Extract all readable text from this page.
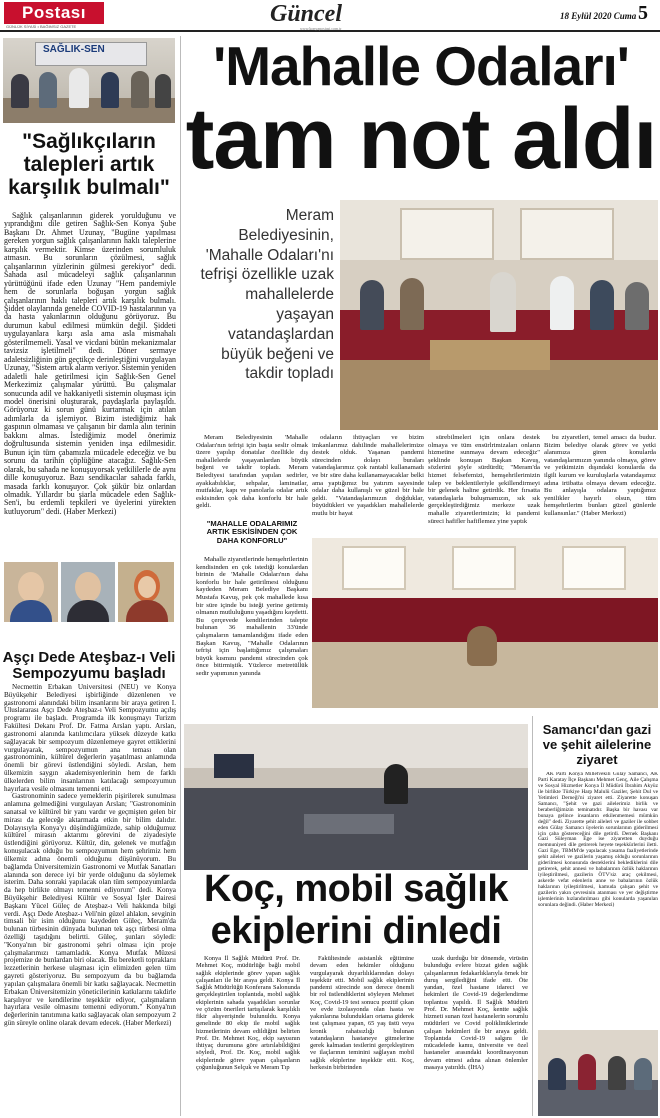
Postası
GÜNLÜK SİYASİ • BAĞIMSIZ GAZETE	Güncel
www.konyapostasi.com.tr
18 Eylül 2020 Cuma 5
SAĞLIK-SEN
"Sağlıkçıların talepleri artık karşılık bulmalı"

Sağlık çalışanlarının giderek yorulduğunu ve yıprandığını dile getiren Sağlık-Sen Konya Şube Başkanı Dr. Ahmet Uzunay, "Bugüne yapılması gereken yorgun sağlık çalışanlarının haklı taleplerine karşılık vermektir. Kimse üzerinden sorumluluk atmasın. Bu sorunların çözülmesi, sağlık çalışanlarının yüzlerinin gülmesi gerekiyor" dedi. Sahada asıl mücadeleyi sağlık çalışanlarının yürüttüğünü ifade eden Uzunay "Hem pandemiyle hem de sorunlarla boğuşan yorgun sağlık çalışanlarının haklı talepleri artık karşılık bulmalı. Şiddet olaylarında genelde COVID-19 hastalarının ya da hasta yakınlarının olduğunu görüyoruz. Bu durumun kabul edilmesi mümkün değil. Şiddeti uygulayanlara karşı asla ama asla mismahalı gösterilmemeli. Yasal ve vicdani bütün mekanizmalar tavizsiz işletilmeli" dedi. Döner sermaye adaletsizliğinin gün geçtikçe derinleştiğini vurgulayan Uzunay, "Sistem artık alarm veriyor. Sistemin yeniden adaletli hale getirilmesi için Sağlık-Sen Genel Merkezimiz çalışmalar yürüttü. Bu çalışmalar sonucunda adil ve hakkaniyetli sistemin oluşması için model önerisini oluşturarak, paydaşlarla paylaşıldı. Görüyoruz ki sorun günü kurtarmak için atılan adımlarla da işlemiyor. Bizim istediğimiz hak gaspının olmaması ve çalışanın bir damla alın terinin bakkını almas. İstediğimiz model önerimiz doğrultusunda sistemin yeniden inşa edilmesidir. Bunun için tüm çabamızla mücadele edeceğiz ve bu sorunu da tarihin çöplüğüne atacağız. Sağlık-Sen olarak, bu sahada ne konuşuyorsak yetkililerle de aynı dille konuşuyoruz. Bazı sendikacılar sahada farklı, masada farklı konuşuyor. Çok şükür biz onlardan olmadık. Yıllardır bu şiarla mücadele eden Sağlık-Sen'i, bu erdemli tepkileri ve üyelerini yürekten kutluyorum" dedi. (Haber Merkezi)

Aşçı Dede Ateşbaz-ı Veli Sempozyumu başladı

Necmettin Erbakan Üniversitesi (NEÜ) ve Konya Büyükşehir Belediyesi işbirliğinde düzenlenen ve gastronomi alanındaki bilim insanlarını bir araya getiren I. Uluslararası Aşçı Dede Ateşbaz-ı Veli Sempozyumu açılış programı ile başladı. Programda ilk konuşmayı Turizm Fakültesi Dekanı Prof. Dr. Fatma Arslan yaptı. Arslan, gastronomi alanında katılımcılara yüksek düzeyde katkı sağlayacak bir sempozyum düzenlemeye gayret ettiklerini vurgulayarak, sempozyumun ana teması olan gastronominin, kültürel değerlerin yaşatılması anlamında önemli bir görevi üstlendiğini söyledi. Arslan, hem ülkemizin saygın akademisyenlerinin hem de farklı ülkelerden bilim insanlarının katılacağı sempozyumun hayırlara vesile olmasını temenni etti.

Gastronominin sadece yemeklerin pişirilerek sunulması anlamına gelmediğini vurgulayan Arslan; "Gastronominin sanatsal ve kültürel bir yanı vardır ve geçmişten gelen bir mirası da geleceğe aktarmada etkin bir bilim dalıdır. Dolayısıyla Konya'yı düşündüğümüzde, sahip olduğumuz kültürel mirasın aktarımı görevini de ziyadesiyle üstlendiğini görüyoruz. Kültür, din, gelenek ve mutfağın konuşulacak olduğu bu sempozyumun hem şehrimiz hem ülkemiz adına önemli olduğunu düşünüyorum. Bu bağlamda Üniversitemizin Gastronomi ve Mutfak Sanatları alanında son derece iyi bir yerde olduğunu da söylemek isterim. Daha sonraki yapılacak olan tüm sempozyumlarda da hep birlikte olmayı temenni ediyorum" dedi. Konya Büyükşehir Belediyesi Kültür ve Sosyal İşler Dairesi Başkanı Yücel Güleç de Ateşbaz-ı Veli hakkında bilgi verdi. Aşçı Dede Ateşbaz-ı Veli'nin güzel ahlakın, sevginin timsali bir isim olduğunu kaydeden Güleç, Meram'da bulunan türbesinin dünyada bulunan tek aşçı türbesi olma özelliği taşıdığını belirtti. Güleç, şunları söyledi: "Konya'nın bir gastronomi şehri olması için proje çalışmalarımızı tamamladık. Konya Mutfak Müzesi projemize de bunlardan biri olacak. Bu bereketli topraklarıı lezzetlerinin herkese ulaşması için elimizden gelen tüm gayreti gösteriyoruz. Bu sempozyum da bu bağlamda yapılan çalışmalara önemli bir katkı sağlayacak. Necmettin Erbakan Üniversitemizin yöneticilerinin katkılarını takdirle karşılıyor ve kendilerine teşekkür ediyor, çalışmaların hayırlara vesile olmasını temenni ediyorum." Konya'nın değerlerinin tanıtımına katkı sağlayacak olan sempozyum 2 gün süreyle online olarak devam edecek. (Haber Merkezi)

'Mahalle Odaları'
tam not aldı
Meram Belediyesinin, 'Mahalle Odaları'nı tefrişi özellikle uzak mahallelerde yaşayan vatandaşlardan büyük beğeni ve takdir topladı

Meram Belediyesinin 'Mahalle Odaları'nın tefrişi için başta seslir olmak üzere yapılıp donatılar özellikle dış mahallelerde yaşayanlardan büyük beğeni ve takdir topladı. Meram Belediyesi tarafından yapılan sedirler, ayakkabılıklar, sehpalar, laminatlar, mutfaklar, kapı ve panolarla odalar artık eskisinden çok daha konforlu bir hale geldi.

"MAHALLE ODALARIMIZ ARTIK ESKİSİNDEN ÇOK DAHA KONFORLU"

Mahalle ziyaretlerinde hemşehrilerinin kendisinden en çok istediği konulardan birinin de 'Mahalle Odaları'nın daha konforlu bir hale getirilmesi olduğunu kaydeden Meram Belediye Başkanı Mustafa Kavuş, pek çok mahallede kısa bir süre içinde bu isteği yerine getirmiş olmanın mutluluğunu yaşadığını kaydetti. Bu çerçevede kendilerinden talepte bulunan 36 mahallenin 33'ünde çalışmaların tamamlandığını ifade eden Başkan Kavuş, "Mahalle Odalarının tefrişi için başlattığımız çalışmaları büyük kısmını pandemi sürecinden çok önce bitirmiştik. Yüzlerce metretüllük sedir yapımının yanında

odaların ihtiyaçları ve bizim imkanlarımız dahilinde mahallelerimize destek olduk. Yaşanan pandemi sürecinden dolayı buraları vatandaşlarımız çok rantabl kullanamadı ve bir süre daha kullanamayacaklar belki ama yaptığımız bu yatırım sayesinde odalar daha kullanışlı ve güzel bir hale geldi. "Vatandaşlarımızın doğduklar, büyüdükleri ve yaşadıkları mahallelerde mutlu bir hayat

sürebilmeleri için onlara destek olmaya ve tüm ensürlrimizaları onların hizmetine sunmaya devam edeceğiz" şeklinde konuşan Başkan Kavuş, sözlerini şöyle sürdürdü; "Meram'da hizmet felsefemizi, hemşehrilerimizin talep ve beklentileriyle şekillendirmeyi bir gelenek haline getirdik. Her fırsatta vatandaşlarla buluşmamızın, sık sık gerçekleştirdiğimiz merkeze uzak mahalle ziyaretlerimizin; ki pandemi süreci hafifler hafiflemez yine yaptık

bu ziyaretleri, temel amacı da budur. Bizim belediye olarak görev ve yetki alanımıza giren konularda vatandaşlarımızın yanında olmaya, görev ve yetkimizin dışındaki konularda da ilgili kurum ve kuruluşlarla vatandaşımız adına irtibatta olmaya devam edeceğiz. Bu anlayışla odalara yaptığımız yenilikler hayırlı olsun, tüm hemşehrilerim bunları güzel günlerde kullansınlar." (Haber Merkezi)

Koç, mobil sağlık ekiplerini dinledi

Konya İl Sağlık Müdürü Prof. Dr. Mehmet Koç, müdürlüğe bağlı mobil sağlık ekiplerinde görev yapan sağlık çalışanları ile bir araya geldi. Konya İl Sağlık Müdürlüğü Konferans Salonunda gerçekleştirilen toplantıda, mobil sağlık ekiplerinin sahada yaşadıkları sorunlar ve çözüm önerileri tartışılarak karşılıklı fikir alışverişinde bulunuldu. Konya genelinde 80 ekip ile mobil sağlık hizmetlerinin devam edildiğini belirten Prof. Dr. Mehmet Koç, ekip sayısının ihtiyaç durumuna göre artırılabildiğini söyledi, Prof. Dr. Koç, mobil sağlık ekiplerinde görev yapan çalışanların çoğunluğunun Selçuk ve Meram Tıp

Fakültesinde asistanlık eğitimine devam eden hekimler olduğunu vurgulayarak duyarlılıklarından dolayı teşekkür etti. Mobil sağlık ekiplerinin pandemi sürecinde son derece önemli bir rol üstlendiklerini söyleyen Mehmet Koç, Covid-19 test sonucu pozitif çıkan ve evde izolasyonda olan hasta ve yakınlarına bulundukları ortama giderek test çalışması yapan, 65 yaş üstü veya kronik rahatsızlığı bulunan vatandaşların hastaneye gitmelerine gerek kalmadan testlerini gerçekleştiren ve ilaçlarının teminini sağlayan mobil sağlık ekiplerine teşekkür etti. Koç, herkesin birbirinden

uzak durduğu bir dönemde, virüsün bulunduğu evlere bizzat giden sağlık çalışanlarının fedakarlıklarıyla örnek bir duruş sergilediğini ifade etti. Öte yandan, özel hastane idareci ve hekimleri ile Covid-19 değerlendirme toplantısı yapıldı. İl Sağlık Müdürü Prof. Dr. Mehmet Koç, kentte sağlık hizmeti sunan özel hastanelerin sorumlu müdürleri ve Covid polikliniklerinde çalışan hekimleri ile bir araya geldi. Toplantıda Covid-19 salgını ile mücadelede kamu, üniversite ve özel hastaneler arasındaki koordinasyonun devam etmesi adına alınan önlemler masaya yatırıldı. (İHA)

Samancı'dan gazi ve şehit ailelerine ziyaret

AK Parti Konya Milletvekili Gülay Samancı, AK Parti Karatay İlçe Başkanı Mehmet Genç, Aile Çalışma ve Sosyal Hizmetler Konya İl Müdürü İbrahim Akyüz ile birlikte Türkiye Harp Malulü Gaziler, Şehit Dul ve Yetimleri Derneği'ni ziyaret etti. Ziyarette konuşan Samancı, "Şehit ve gazi ailelerimiz birlik ve beraberliğimizin teminatıdır. Başka bir havası var bunaya gelince insanların etkilenmemesi mümkün değil" dedi. Ziyarette şehit aileleri ve gaziler ile sohbet eden Gülay Samancı üyelerin sorunlarının giderilmesi için çaba göstereceğini dile getirdi. Dernek Başkanı Gazi Süleyman Ege ise ziyaretten duyduğu memnuniyeti dile getirerek heyete teşekkürlerini iletti. Gazi Ege, TBMM'de yapılacak yasama faaliyetlerinde şehit aileleri ve gazilerin yaşamış olduğu sorunlarının giderilmesi konusunda desteklerini beklediklerini dile getirerek, şehit annesi ve babalarının özlük haklarının iyileştirilmesi, gazilerin ÖTV'siz araç çekilmesi, askerde vefat edenlerin anne ve babalarının özlük haklarının iyileştirilmesi, kamuda çalışan şehit ve gazilerin yakın çevresinin atanması ve yer değiştirme işlemlerinin hızlandırılması gibi konularda yaşanılan sorunlara değindi. (Haber Merkezi)
